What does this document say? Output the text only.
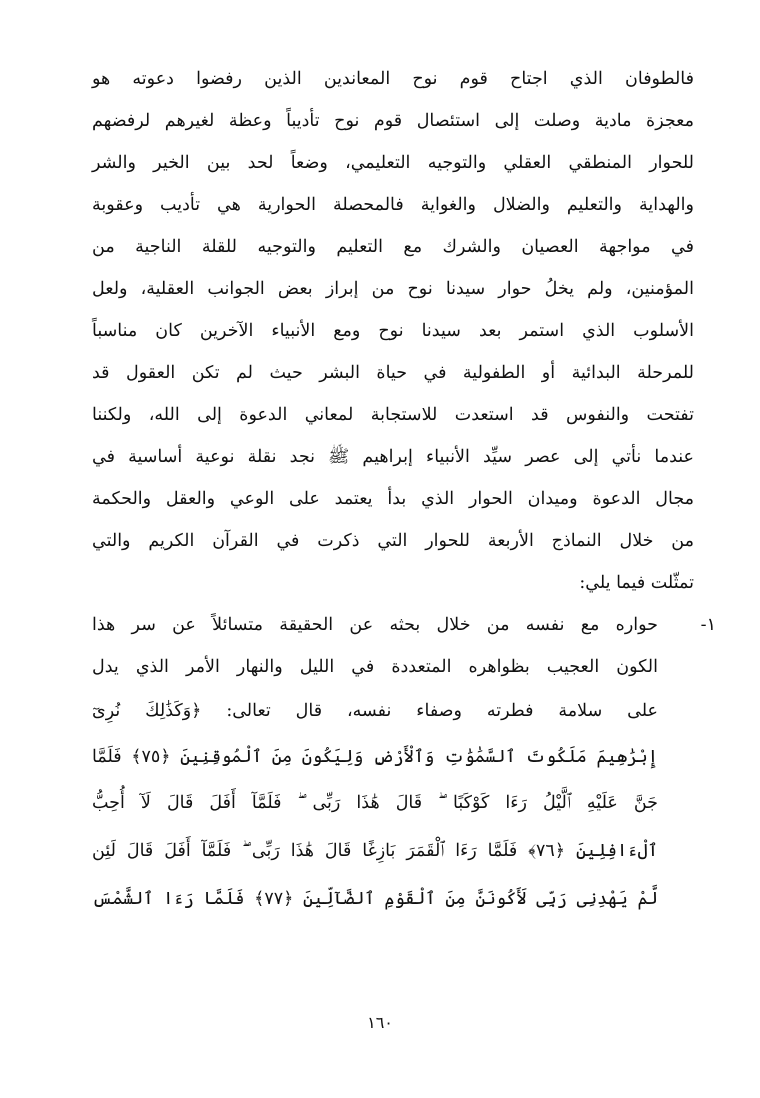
فالطوفان الذي اجتاح قوم نوح المعاندين الذين رفضوا دعوته هو
معجزة مادية وصلت إلى استئصال قوم نوح تأديباً وعظة لغيرهم لرفضهم
للحوار المنطقي العقلي والتوجيه التعليمي، وضعاً لحد بين الخير والشر
والهداية والتعليم والضلال والغواية فالمحصلة الحوارية هي تأديب وعقوبة
في مواجهة العصيان والشرك مع التعليم والتوجيه للقلة الناجية من
المؤمنين، ولم يخلُ حوار سيدنا نوح من إبراز بعض الجوانب العقلية، ولعل
الأسلوب الذي استمر بعد سيدنا نوح ومع الأنبياء الآخرين كان مناسباً
للمرحلة البدائية أو الطفولية في حياة البشر حيث لم تكن العقول قد
تفتحت والنفوس قد استعدت للاستجابة لمعاني الدعوة إلى الله، ولكننا
عندما نأتي إلى عصر سيِّد الأنبياء إبراهيم ﷺ نجد نقلة نوعية أساسية في
مجال الدعوة وميدان الحوار الذي بدأ يعتمد على الوعي والعقل والحكمة
من خلال النماذج الأربعة للحوار التي ذكرت في القرآن الكريم والتي
تمثّلت فيما يلي:
١-
حواره مع نفسه من خلال بحثه عن الحقيقة متسائلاً عن سر هذا
الكون العجيب بظواهره المتعددة في الليل والنهار الأمر الذي يدل
على سلامة فطرته وصفاء نفسه، قال تعالى: ﴿وَكَذَٰلِكَ نُرِىٓ
إِبْرَٰهِيمَ مَلَكُوتَ ٱلسَّمَٰوَٰتِ وَٱلْأَرْضِ وَلِيَكُونَ مِنَ ٱلْمُوقِنِينَ ﴿٧٥﴾ فَلَمَّا
جَنَّ عَلَيْهِ ٱلَّيْلُ رَءَا كَوْكَبًا ۖ قَالَ هَٰذَا رَبِّى ۖ فَلَمَّآ أَفَلَ قَالَ لَآ أُحِبُّ
ٱلْءَافِلِينَ ﴿٧٦﴾ فَلَمَّا رَءَا ٱلْقَمَرَ بَازِغًا قَالَ هَٰذَا رَبِّى ۖ فَلَمَّآ أَفَلَ قَالَ لَئِن
لَّمْ يَهْدِنِى رَبِّى لَأَكُونَنَّ مِنَ ٱلْقَوْمِ ٱلضَّآلِّينَ ﴿٧٧﴾ فَلَمَّا رَءَا ٱلشَّمْسَ
١٦٠
